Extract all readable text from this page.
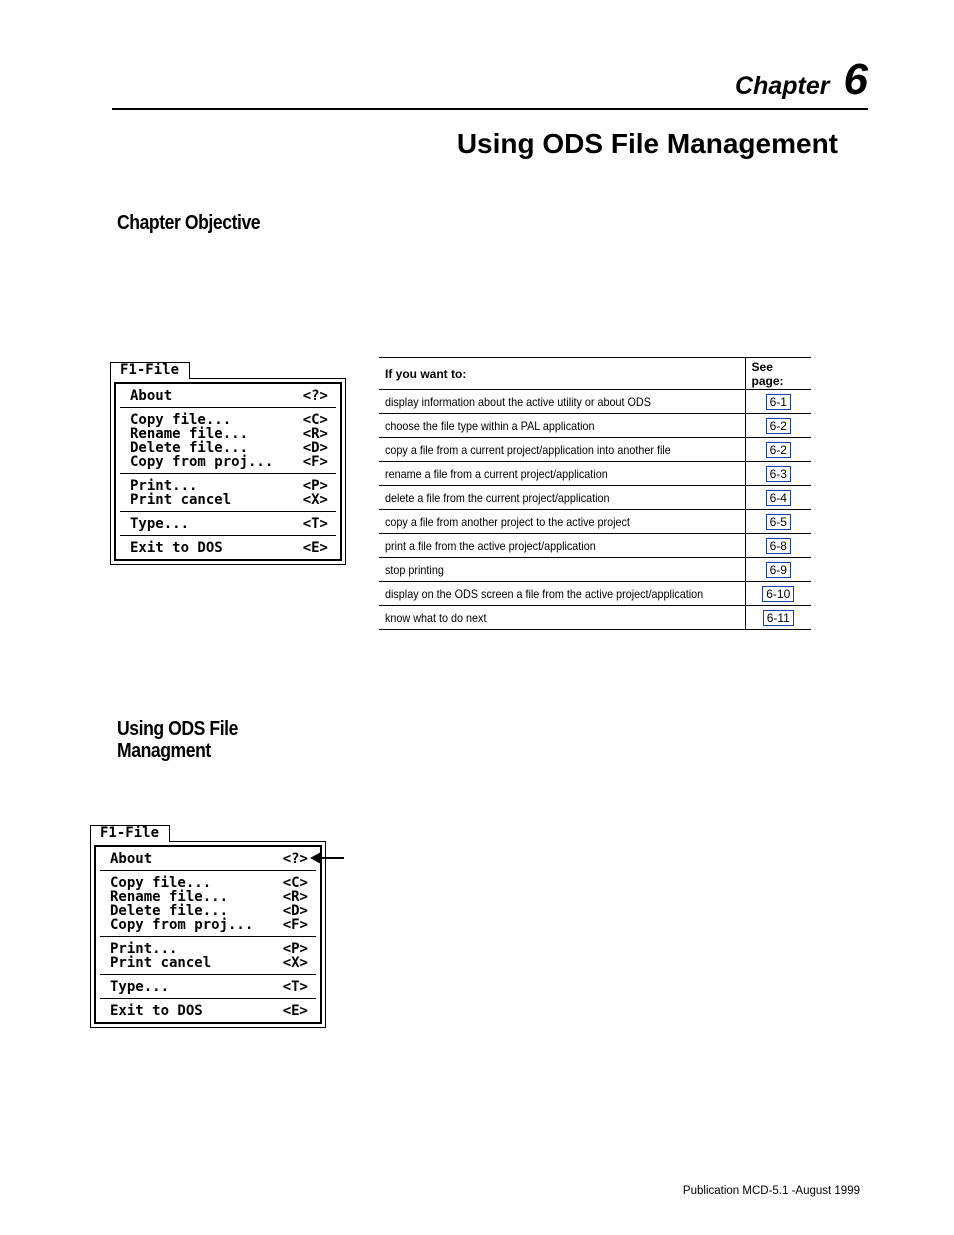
Chapter 6
Using ODS File Management
Chapter Objective
F1-File
About	<?>
Copy file...	<C>
Rename file...	<R>
Delete file...	<D>
Copy from proj... <F>
Print...	<P>
Print cancel	<X>
Type...	<T>
Exit to DOS	<E>
If you want to:	See page:
display information about the active utility or about ODS	6-1
choose the file type within a PAL application	6-2
copy a file from a current project/application into another file	6-2
rename a file from a current project/application	6-3
delete a file from the current project/application	6-4
copy a file from another project to the active project	6-5
print a file from the active project/application	6-8
stop printing	6-9
display on the ODS screen a file from the active project/application	6-10
know what to do next	6-11
Using ODS File
Managment
F1-File
About	<?>
Copy file...	<C>
Rename file...	<R>
Delete file...	<D>
Copy from proj... <F>
Print...	<P>
Print cancel	<X>
Type...	<T>
Exit to DOS	<E>
Publication MCD-5.1 -August 1999
